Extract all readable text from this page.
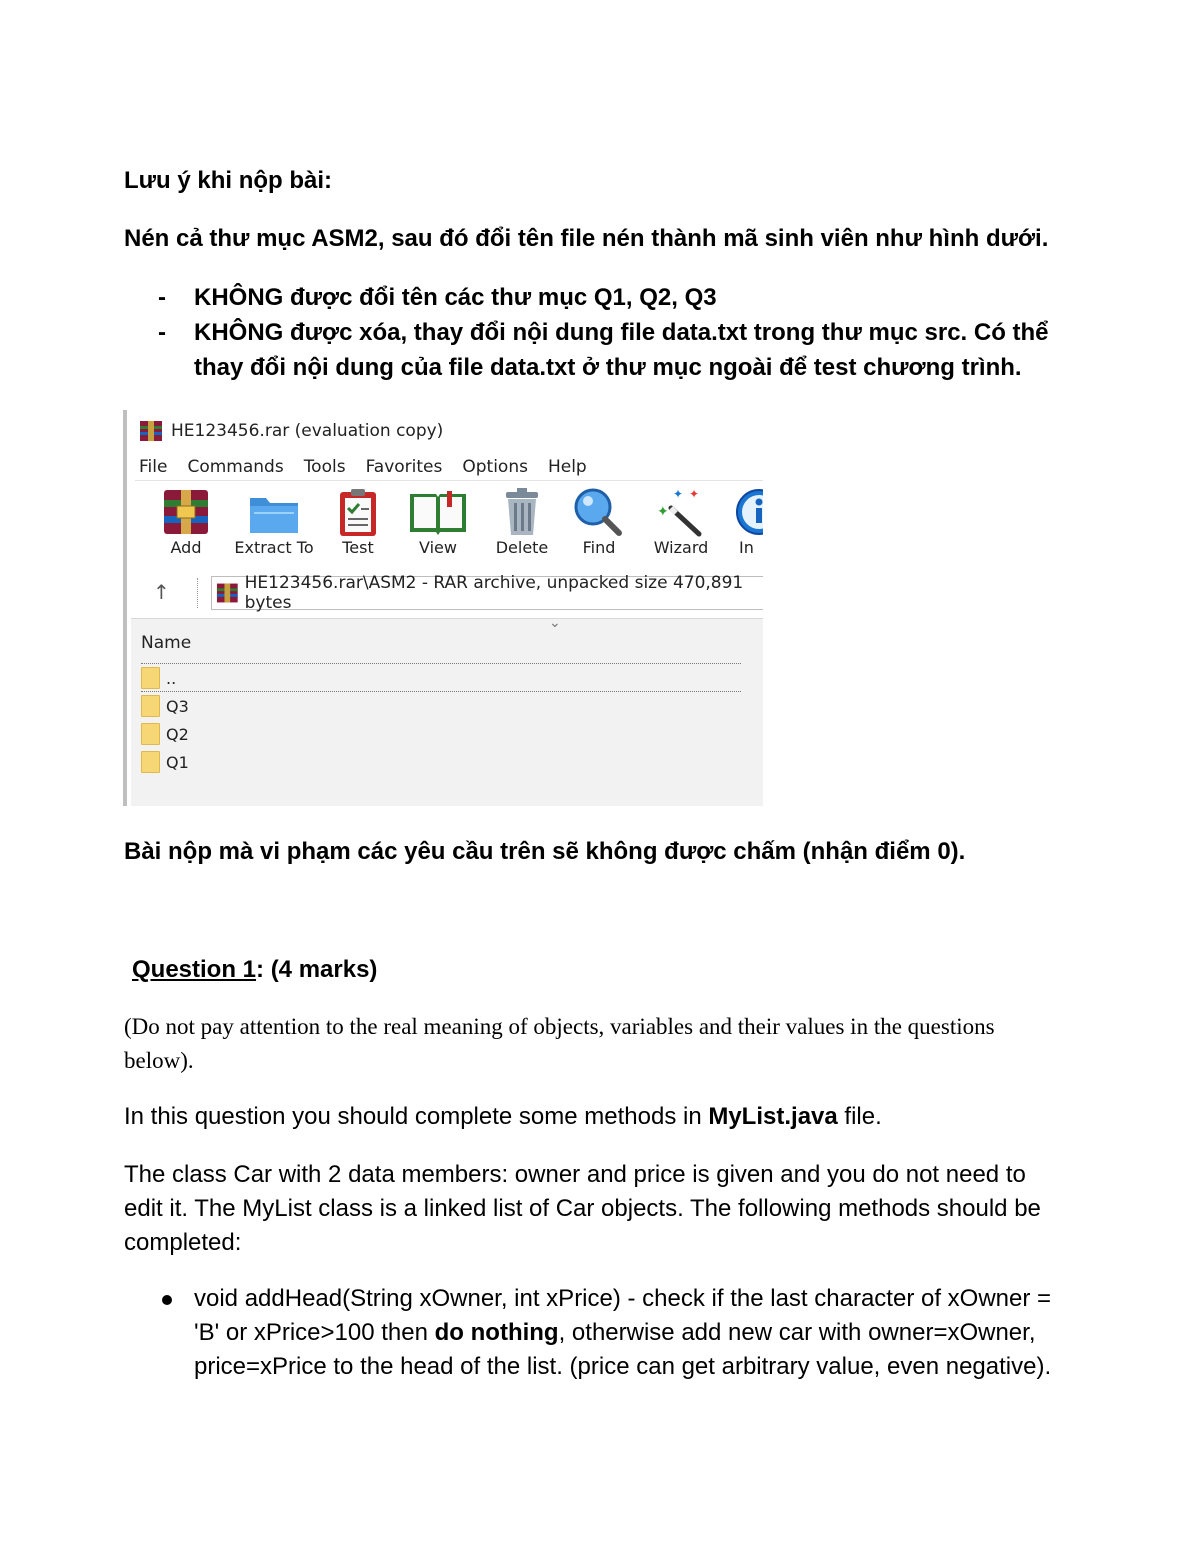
Lưu ý khi nộp bài:
Nén cả thư mục ASM2, sau đó đổi tên file nén thành mã sinh viên như hình dưới.
- KHÔNG được đổi tên các thư mục Q1, Q2, Q3
- KHÔNG được xóa, thay đổi nội dung file data.txt trong thư mục src. Có thể
thay đổi nội dung của file data.txt ở thư mục ngoài để test chương trình.
HE123456.rar (evaluation copy)
File Commands Tools Favorites Options Help
Add	Extract To	Test	View	Delete	Find
✦
✦ ✦
Wizard	In
↑	HE123456.rar\ASM2 - RAR archive, unpacked size 470,891 bytes
⌄
Name
..
Q3
Q2
Q1
Bài nộp mà vi phạm các yêu cầu trên sẽ không được chấm (nhận điểm 0).
Question 1: (4 marks)
(Do not pay attention to the real meaning of objects, variables and their values in the questions
below).
In this question you should complete some methods in MyList.java file.
The class Car with 2 data members: owner and price is given and you do not need to
edit it. The MyList class is a linked list of Car objects. The following methods should be
completed:
void addHead(String xOwner, int xPrice) - check if the last character of xOwner =
'B' or xPrice>100 then do nothing, otherwise add new car with owner=xOwner,
price=xPrice to the head of the list. (price can get arbitrary value, even negative).
